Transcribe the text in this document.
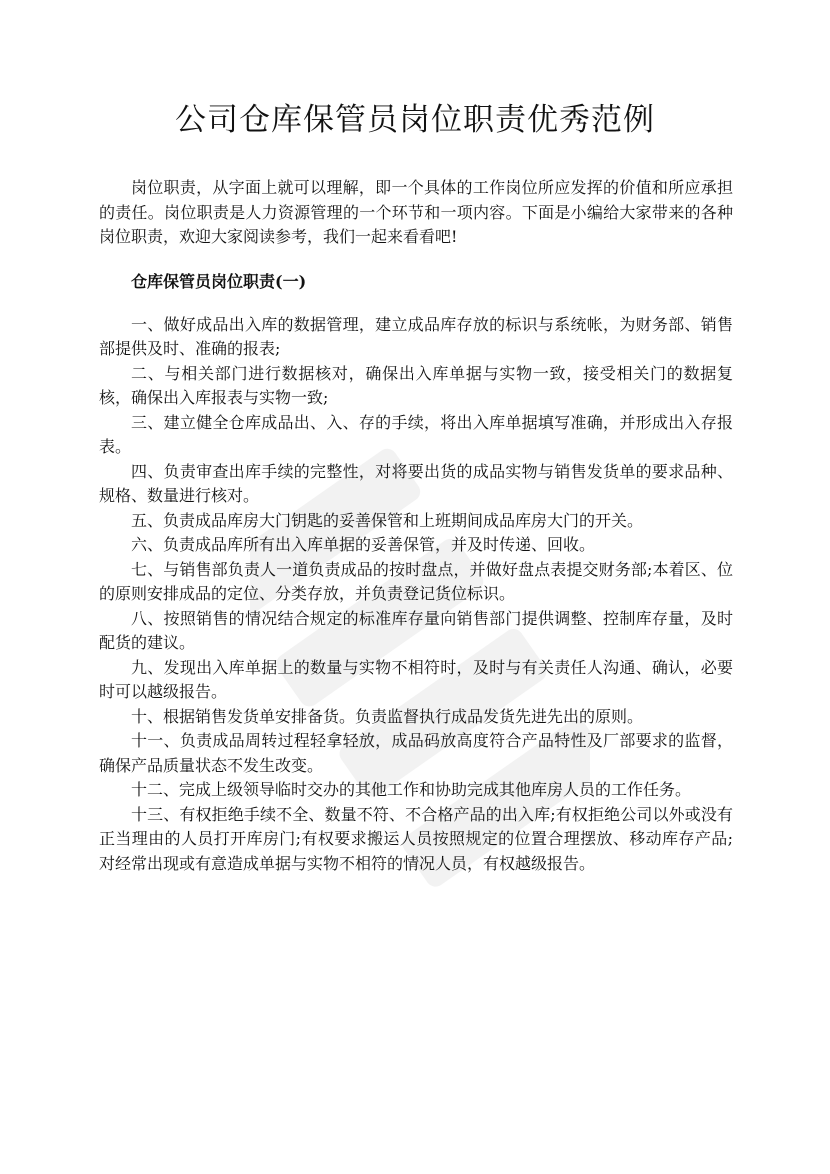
公司仓库保管员岗位职责优秀范例

岗位职责，从字面上就可以理解，即一个具体的工作岗位所应发挥的价值和所应承担的责任。岗位职责是人力资源管理的一个环节和一项内容。下面是小编给大家带来的各种岗位职责，欢迎大家阅读参考，我们一起来看看吧!

仓库保管员岗位职责(一)

一、做好成品出入库的数据管理，建立成品库存放的标识与系统帐，为财务部、销售部提供及时、准确的报表;

二、与相关部门进行数据核对，确保出入库单据与实物一致，接受相关门的数据复核，确保出入库报表与实物一致;

三、建立健全仓库成品出、入、存的手续，将出入库单据填写准确，并形成出入存报表。

四、负责审查出库手续的完整性，对将要出货的成品实物与销售发货单的要求品种、规格、数量进行核对。

五、负责成品库房大门钥匙的妥善保管和上班期间成品库房大门的开关。

六、负责成品库所有出入库单据的妥善保管，并及时传递、回收。

七、与销售部负责人一道负责成品的按时盘点，并做好盘点表提交财务部;本着区、位的原则安排成品的定位、分类存放，并负责登记货位标识。

八、按照销售的情况结合规定的标准库存量向销售部门提供调整、控制库存量，及时配货的建议。

九、发现出入库单据上的数量与实物不相符时，及时与有关责任人沟通、确认，必要时可以越级报告。

十、根据销售发货单安排备货。负责监督执行成品发货先进先出的原则。

十一、负责成品周转过程轻拿轻放，成品码放高度符合产品特性及厂部要求的监督，确保产品质量状态不发生改变。

十二、完成上级领导临时交办的其他工作和协助完成其他库房人员的工作任务。

十三、有权拒绝手续不全、数量不符、不合格产品的出入库;有权拒绝公司以外或没有正当理由的人员打开库房门;有权要求搬运人员按照规定的位置合理摆放、移动库存产品;对经常出现或有意造成单据与实物不相符的情况人员，有权越级报告。
